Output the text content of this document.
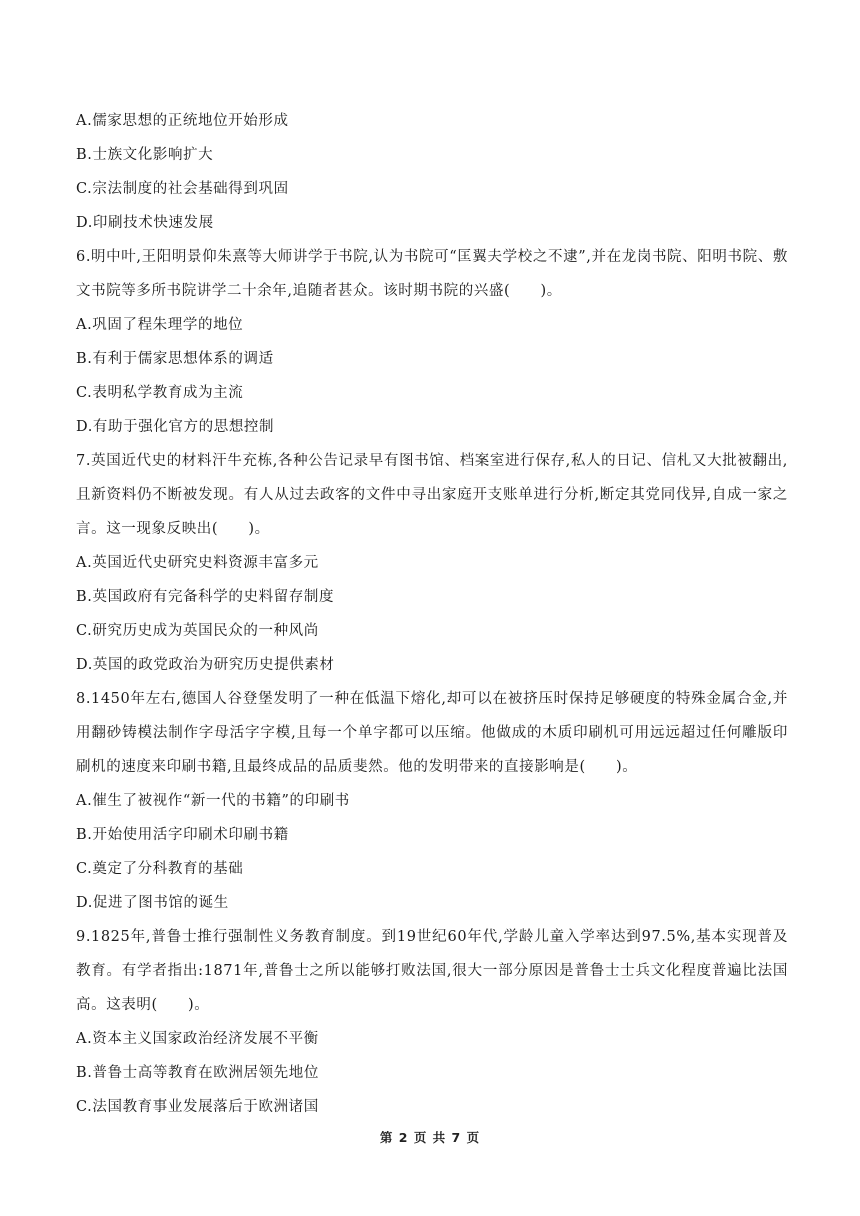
A.儒家思想的正统地位开始形成
B.士族文化影响扩大
C.宗法制度的社会基础得到巩固
D.印刷技术快速发展
6.明中叶,王阳明景仰朱熹等大师讲学于书院,认为书院可“匡翼夫学校之不逮”,并在龙岗书院、阳明书院、敷文书院等多所书院讲学二十余年,追随者甚众。该时期书院的兴盛(　　)。
A.巩固了程朱理学的地位
B.有利于儒家思想体系的调适
C.表明私学教育成为主流
D.有助于强化官方的思想控制
7.英国近代史的材料汗牛充栋,各种公告记录早有图书馆、档案室进行保存,私人的日记、信札又大批被翻出,且新资料仍不断被发现。有人从过去政客的文件中寻出家庭开支账单进行分析,断定其党同伐异,自成一家之言。这一现象反映出(　　)。
A.英国近代史研究史料资源丰富多元
B.英国政府有完备科学的史料留存制度
C.研究历史成为英国民众的一种风尚
D.英国的政党政治为研究历史提供素材
8.1450年左右,德国人谷登堡发明了一种在低温下熔化,却可以在被挤压时保持足够硬度的特殊金属合金,并用翻砂铸模法制作字母活字字模,且每一个单字都可以压缩。他做成的木质印刷机可用远远超过任何雕版印刷机的速度来印刷书籍,且最终成品的品质斐然。他的发明带来的直接影响是(　　)。
A.催生了被视作“新一代的书籍”的印刷书
B.开始使用活字印刷术印刷书籍
C.奠定了分科教育的基础
D.促进了图书馆的诞生
9.1825年,普鲁士推行强制性义务教育制度。到19世纪60年代,学龄儿童入学率达到97.5%,基本实现普及教育。有学者指出:1871年,普鲁士之所以能够打败法国,很大一部分原因是普鲁士士兵文化程度普遍比法国高。这表明(　　)。
A.资本主义国家政治经济发展不平衡
B.普鲁士高等教育在欧洲居领先地位
C.法国教育事业发展落后于欧洲诸国
第 2 页 共 7 页
